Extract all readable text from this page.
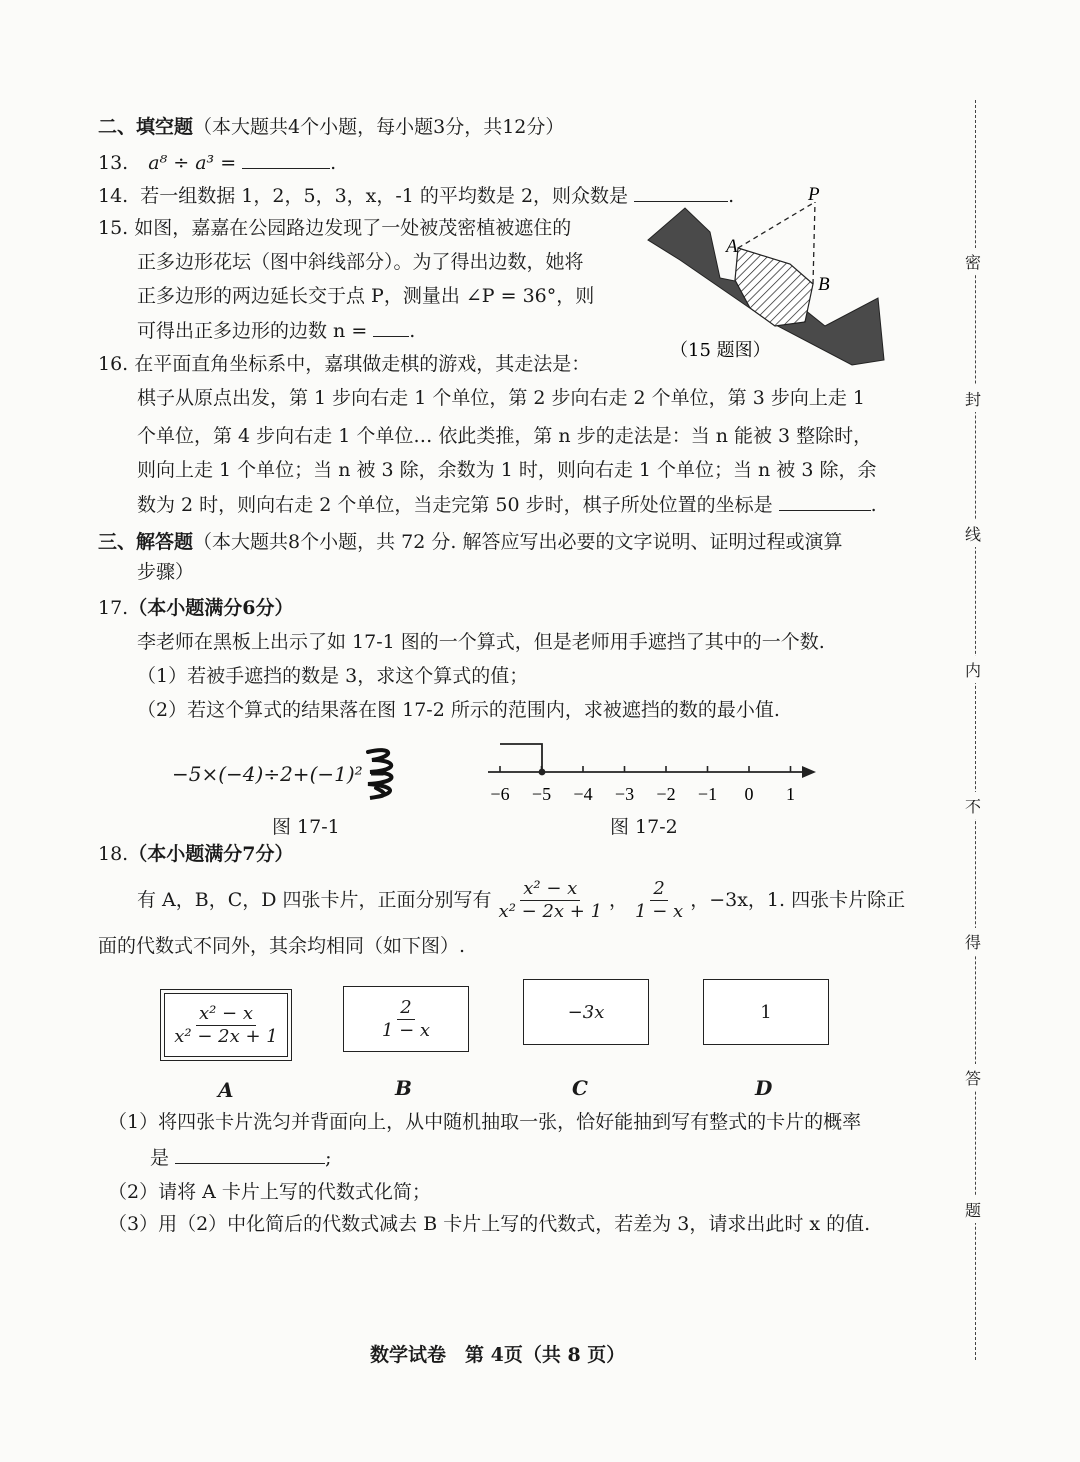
二、填空题（本大题共4个小题，每小题3分，共12分）
13. a⁸ ÷ a³ =	.
14. 若一组数据 1，2，5，3，x，-1 的平均数是 2，则众数是	.
15. 如图，嘉嘉在公园路边发现了一处被茂密植被遮住的
正多边形花坛（图中斜线部分）。为了得出边数，她将
正多边形的两边延长交于点 P，测量出 ∠P = 36°，则
可得出正多边形的边数 n = .
P
A
B
（15 题图）
16. 在平面直角坐标系中，嘉琪做走棋的游戏，其走法是：
棋子从原点出发，第 1 步向右走 1 个单位，第 2 步向右走 2 个单位，第 3 步向上走 1
个单位，第 4 步向右走 1 个单位… 依此类推，第 n 步的走法是：当 n 能被 3 整除时，
则向上走 1 个单位；当 n 被 3 除，余数为 1 时，则向右走 1 个单位；当 n 被 3 除，余
数为 2 时，则向右走 2 个单位，当走完第 50 步时，棋子所处位置的坐标是	.
三、解答题（本大题共8个小题，共 72 分. 解答应写出必要的文字说明、证明过程或演算
步骤）
17.（本小题满分6分）
李老师在黑板上出示了如 17-1 图的一个算式，但是老师用手遮挡了其中的一个数.
（1）若被手遮挡的数是 3，求这个算式的值；
（2）若这个算式的结果落在图 17-2 所示的范围内，求被遮挡的数的最小值.
−5×(−4)÷2+(−1)² −
图 17-1
−6 −5 −4 −3 −2 −1 0 1
图 17-2
18.（本小题满分7分）
有 A，B，C，D 四张卡片，正面分别写有 $\frac{\text{x² − x}}{\text{x² − 2x + 1}}$ ， $\frac{2}{1 - x}$ ，−3x，1. 四张卡片除正
面的代数式不同外，其余均相同（如下图）.
$\frac{\text{x² − x}}{\text{x² − 2x + 1}}$	$\frac{2}{1 - x}$	−3x	1
A	B	C	D
（1）将四张卡片洗匀并背面向上，从中随机抽取一张，恰好能抽到写有整式的卡片的概率
是	;
（2）请将 A 卡片上写的代数式化简；
（3）用（2）中化简后的代数式减去 B 卡片上写的代数式，若差为 3，请求出此时 x 的值.
数学试卷　第 4页（共 8 页）
密
封
线
内
不
得
答
题
